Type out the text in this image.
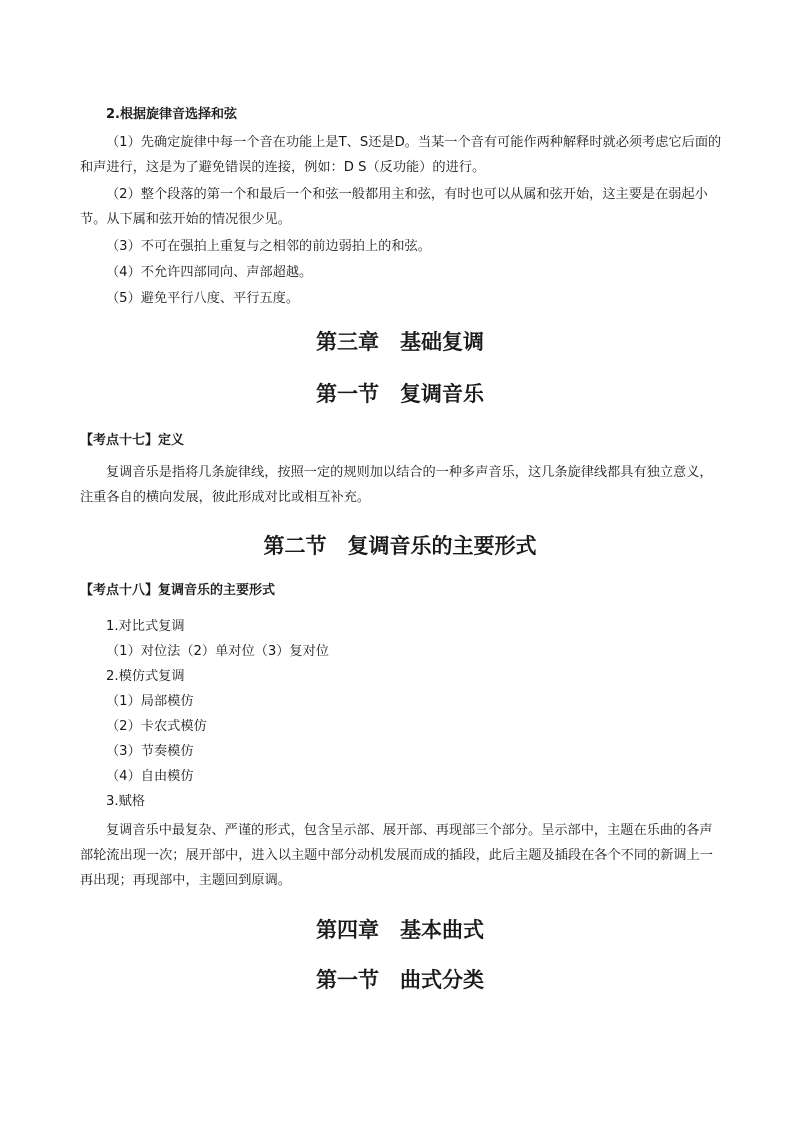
2.根据旋律音选择和弦

（1）先确定旋律中每一个音在功能上是T、S还是D。当某一个音有可能作两种解释时就必须考虑它后面的和声进行，这是为了避免错误的连接，例如：D S（反功能）的进行。

（2）整个段落的第一个和最后一个和弦一般都用主和弦，有时也可以从属和弦开始，这主要是在弱起小节。从下属和弦开始的情况很少见。

（3）不可在强拍上重复与之相邻的前边弱拍上的和弦。

（4）不允许四部同向、声部超越。

（5）避免平行八度、平行五度。

第三章　基础复调
第一节　复调音乐

【考点十七】定义

复调音乐是指将几条旋律线，按照一定的规则加以结合的一种多声音乐，这几条旋律线都具有独立意义，注重各自的横向发展，彼此形成对比或相互补充。

第二节　复调音乐的主要形式

【考点十八】复调音乐的主要形式

1.对比式复调

（1）对位法（2）单对位（3）复对位

2.模仿式复调

（1）局部模仿

（2）卡农式模仿

（3）节奏模仿

（4）自由模仿

3.赋格

复调音乐中最复杂、严谨的形式，包含呈示部、展开部、再现部三个部分。呈示部中，主题在乐曲的各声部轮流出现一次；展开部中，进入以主题中部分动机发展而成的插段，此后主题及插段在各个不同的新调上一再出现；再现部中，主题回到原调。

第四章　基本曲式
第一节　曲式分类
